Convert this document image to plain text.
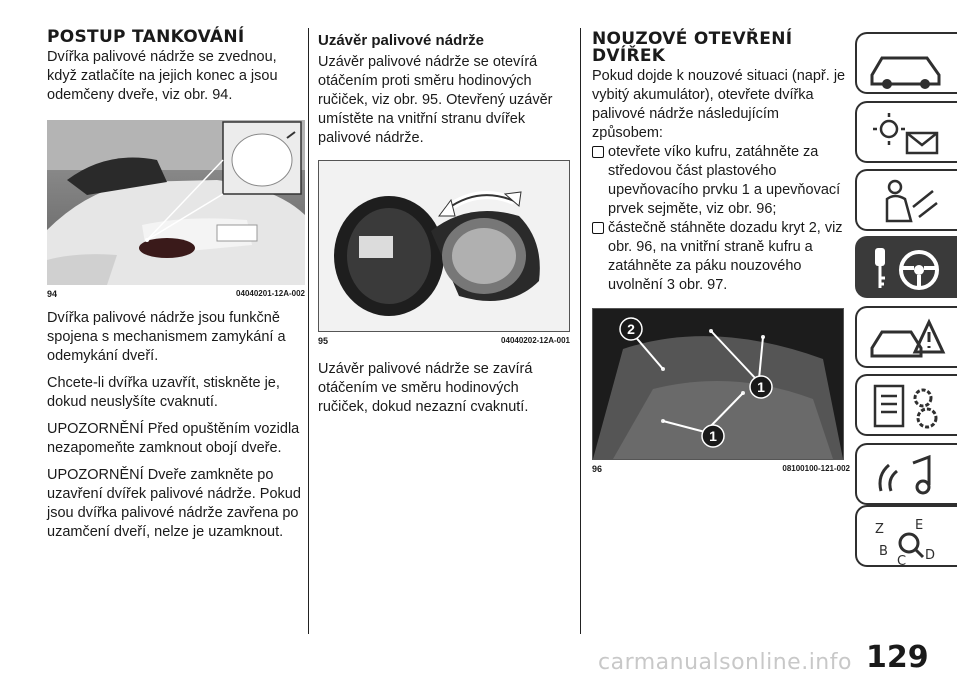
POSTUP TANKOVÁNÍ

Dvířka palivové nádrže se zvednou, když zatlačíte na jejich konec a jsou odemčeny dveře, viz obr. 94.

94	04040201-12A-002

Dvířka palivové nádrže jsou funkčně spojena s mechanismem zamykání a odemykání dveří.

Chcete-li dvířka uzavřít, stiskněte je, dokud neuslyšíte cvaknutí.

UPOZORNĚNÍ Před opuštěním vozidla nezapomeňte zamknout obojí dveře.

UPOZORNĚNÍ Dveře zamkněte po uzavření dvířek palivové nádrže. Pokud jsou dvířka palivové nádrže zavřena po uzamčení dveří, nelze je uzamknout.

Uzávěr palivové nádrže

Uzávěr palivové nádrže se otevírá otáčením proti směru hodinových ručiček, viz obr. 95. Otevřený uzávěr umístěte na vnitřní stranu dvířek palivové nádrže.

95	04040202-12A-001

Uzávěr palivové nádrže se zavírá otáčením ve směru hodinových ručiček, dokud nezazní cvaknutí.

NOUZOVÉ OTEVŘENÍ DVÍŘEK

Pokud dojde k nouzové situaci (např. je vybitý akumulátor), otevřete dvířka palivové nádrže následujícím způsobem:

otevřete víko kufru, zatáhněte za středovou část plastového upevňovacího prvku 1 a upevňovací prvek sejměte, viz obr. 96;

částečně stáhněte dozadu kryt 2, viz obr. 96, na vnitřní straně kufru a zatáhněte za páku nouzového uvolnění 3 obr. 97.

2
1
1
96	08100100-121-002
Z E
B
C D
carmanualsonline.info 129
